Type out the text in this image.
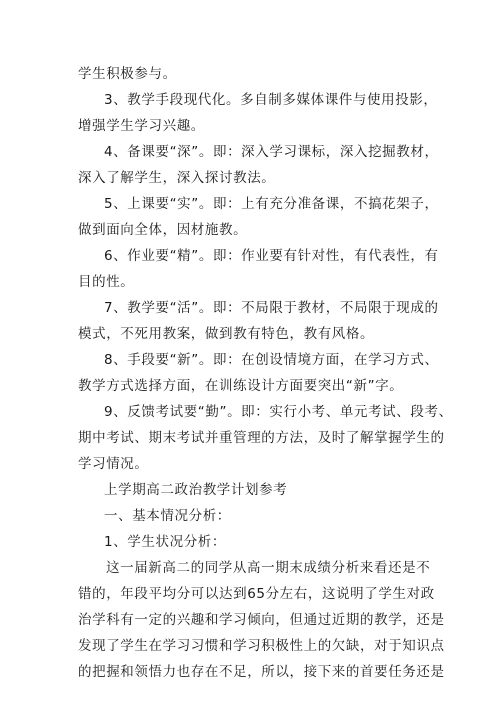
学生积极参与。
3、教学手段现代化。多自制多媒体课件与使用投影，
增强学生学习兴趣。
4、备课要“深”。即：深入学习课标，深入挖掘教材，
深入了解学生，深入探讨教法。
5、上课要“实”。即：上有充分准备课，不搞花架子，
做到面向全体，因材施教。
6、作业要“精”。即：作业要有针对性，有代表性，有
目的性。
7、教学要“活”。即：不局限于教材，不局限于现成的
模式，不死用教案，做到教有特色，教有风格。
8、手段要“新”。即：在创设情境方面，在学习方式、
教学方式选择方面，在训练设计方面要突出“新”字。
9、反馈考试要“勤”。即：实行小考、单元考试、段考、
期中考试、期末考试并重管理的方法，及时了解掌握学生的
学习情况。
上学期高二政治教学计划参考
一、基本情况分析：
1、学生状况分析：
这一届新高二的同学从高一期末成绩分析来看还是不
错的，年段平均分可以达到65分左右，这说明了学生对政
治学科有一定的兴趣和学习倾向，但通过近期的教学，还是
发现了学生在学习习惯和学习积极性上的欠缺，对于知识点
的把握和领悟力也存在不足，所以，接下来的首要任务还是
